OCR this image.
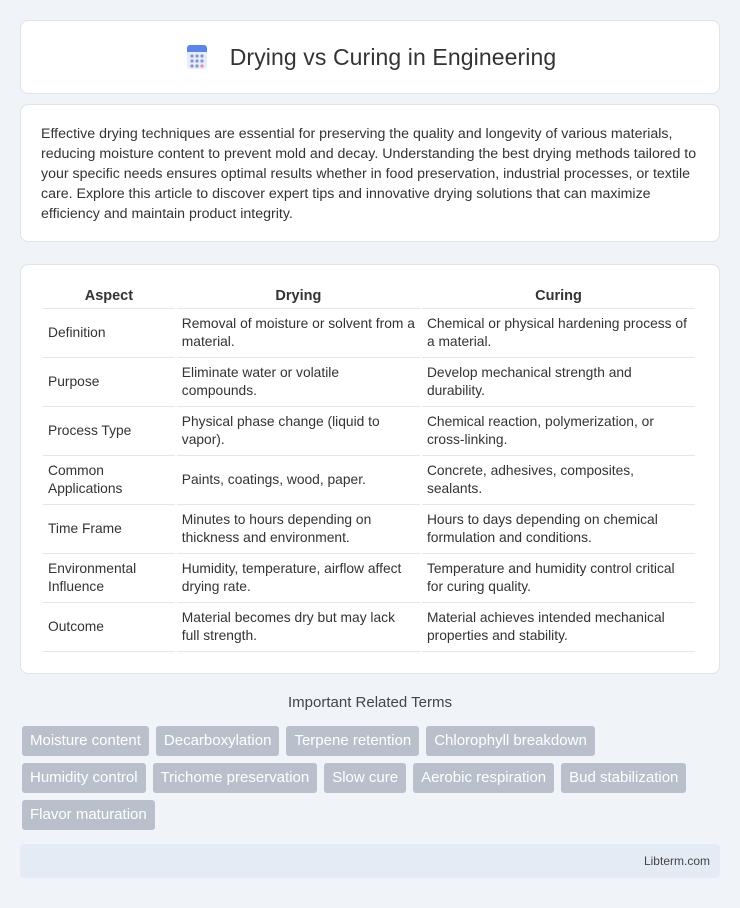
Drying vs Curing in Engineering

Effective drying techniques are essential for preserving the quality and longevity of various materials, reducing moisture content to prevent mold and decay. Understanding the best drying methods tailored to your specific needs ensures optimal results whether in food preservation, industrial processes, or textile care. Explore this article to discover expert tips and innovative drying solutions that can maximize efficiency and maintain product integrity.

Aspect	Drying	Curing
Definition	Removal of moisture or solvent from a material.	Chemical or physical hardening process of a material.
Purpose	Eliminate water or volatile compounds.	Develop mechanical strength and durability.
Process Type	Physical phase change (liquid to vapor).	Chemical reaction, polymerization, or cross-linking.
Common Applications	Paints, coatings, wood, paper.	Concrete, adhesives, composites, sealants.
Time Frame	Minutes to hours depending on thickness and environment.	Hours to days depending on chemical formulation and conditions.
Environmental Influence	Humidity, temperature, airflow affect drying rate.	Temperature and humidity control critical for curing quality.
Outcome	Material becomes dry but may lack full strength.	Material achieves intended mechanical properties and stability.
Important Related Terms
Moisture content	Decarboxylation	Terpene retention	Chlorophyll breakdown
Humidity control	Trichome preservation	Slow cure	Aerobic respiration	Bud stabilization
Flavor maturation
Libterm.com
